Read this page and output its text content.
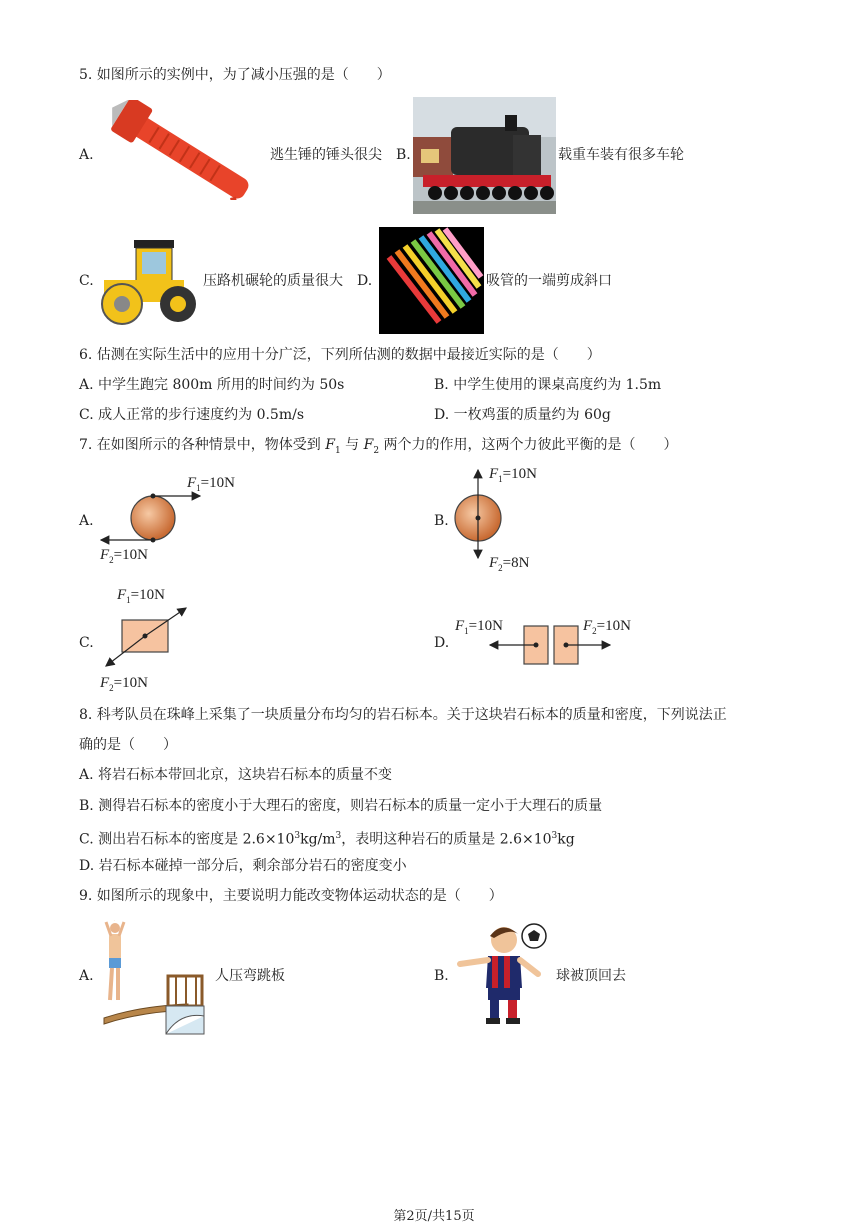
5. 如图所示的实例中，为了减小压强的是（　　）
A.	逃生锤的锤头很尖 B.	载重车装有很多车轮
C.	压路机碾轮的质量很大 D.	吸管的一端剪成斜口
6. 估测在实际生活中的应用十分广泛，下列所估测的数据中最接近实际的是（　　）
A. 中学生跑完 800m 所用的时间约为 50s	B. 中学生使用的课桌高度约为 1.5m
C. 成人正常的步行速度约为 0.5m/s	D. 一枚鸡蛋的质量约为 60g
7. 在如图所示的各种情景中，物体受到 $F_1$ 与 $F_2$ 两个力的作用，这两个力彼此平衡的是（　　）
A.
$F_1=10N$
$F_2=10N$
B.
$F_1=10N$
$F_2=8N$
C.
$F_1=10N$
$F_2=10N$
D.
$F_1=10N$	$F_2=10N$
8. 科考队员在珠峰上采集了一块质量分布均匀的岩石标本。关于这块岩石标本的质量和密度，下列说法正
确的是（　　）
A. 将岩石标本带回北京，这块岩石标本的质量不变
B. 测得岩石标本的密度小于大理石的密度，则岩石标本的质量一定小于大理石的质量
C. 测出岩石标本的密度是 $2.6\times 10^3kg/m^3$，表明这种岩石的质量是 $2.6\times 10^3kg$
D. 岩石标本碰掉一部分后，剩余部分岩石的密度变小
9. 如图所示的现象中，主要说明力能改变物体运动状态的是（　　）
A.	人压弯跳板	B.	球被顶回去
第2页/共15页
